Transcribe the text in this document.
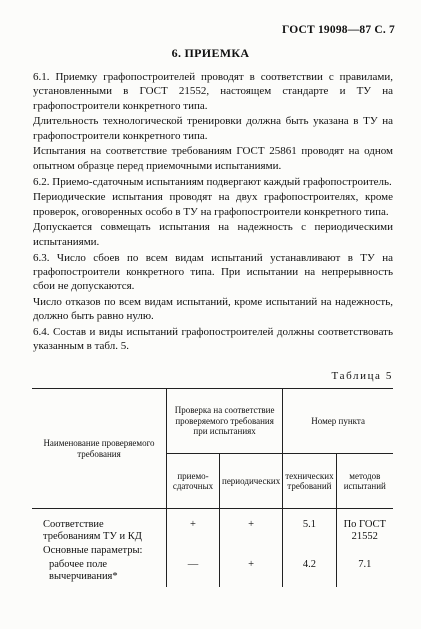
ГОСТ 19098—87 С. 7
6. ПРИЕМКА

6.1. Приемку графопостроителей проводят в соответствии с правилами, установленными в ГОСТ 21552, настоящем стандарте и ТУ на графопостроители конкретного типа.

Длительность технологической тренировки должна быть указана в ТУ на графопостроители конкретного типа.

Испытания на соответствие требованиям ГОСТ 25861 проводят на одном опытном образце перед приемочными испытаниями.

6.2. Приемо-сдаточным испытаниям подвергают каждый графопостроитель.

Периодические испытания проводят на двух графопостроителях, кроме проверок, оговоренных особо в ТУ на графопостроители конкретного типа.

Допускается совмещать испытания на надежность с периодическими испытаниями.

6.3. Число сбоев по всем видам испытаний устанавливают в ТУ на графопостроители конкретного типа. При испытании на непрерывность сбои не допускаются.

Число отказов по всем видам испытаний, кроме испытаний на надежность, должно быть равно нулю.

6.4. Состав и виды испытаний графопостроителей должны соответствовать указанным в табл. 5.

Таблица 5
Наименование проверяемого требования	Проверка на соответствие проверяемого требования при испытаниях		Номер пункта	
	приемо-сдаточных	периодических	технических требований	методов испытаний

Соответствие требованиям ТУ и КД	+	+	5.1	По ГОСТ 21552

Основные параметры:				

рабочее поле вычерчивания*	—	+	4.2	7.1
